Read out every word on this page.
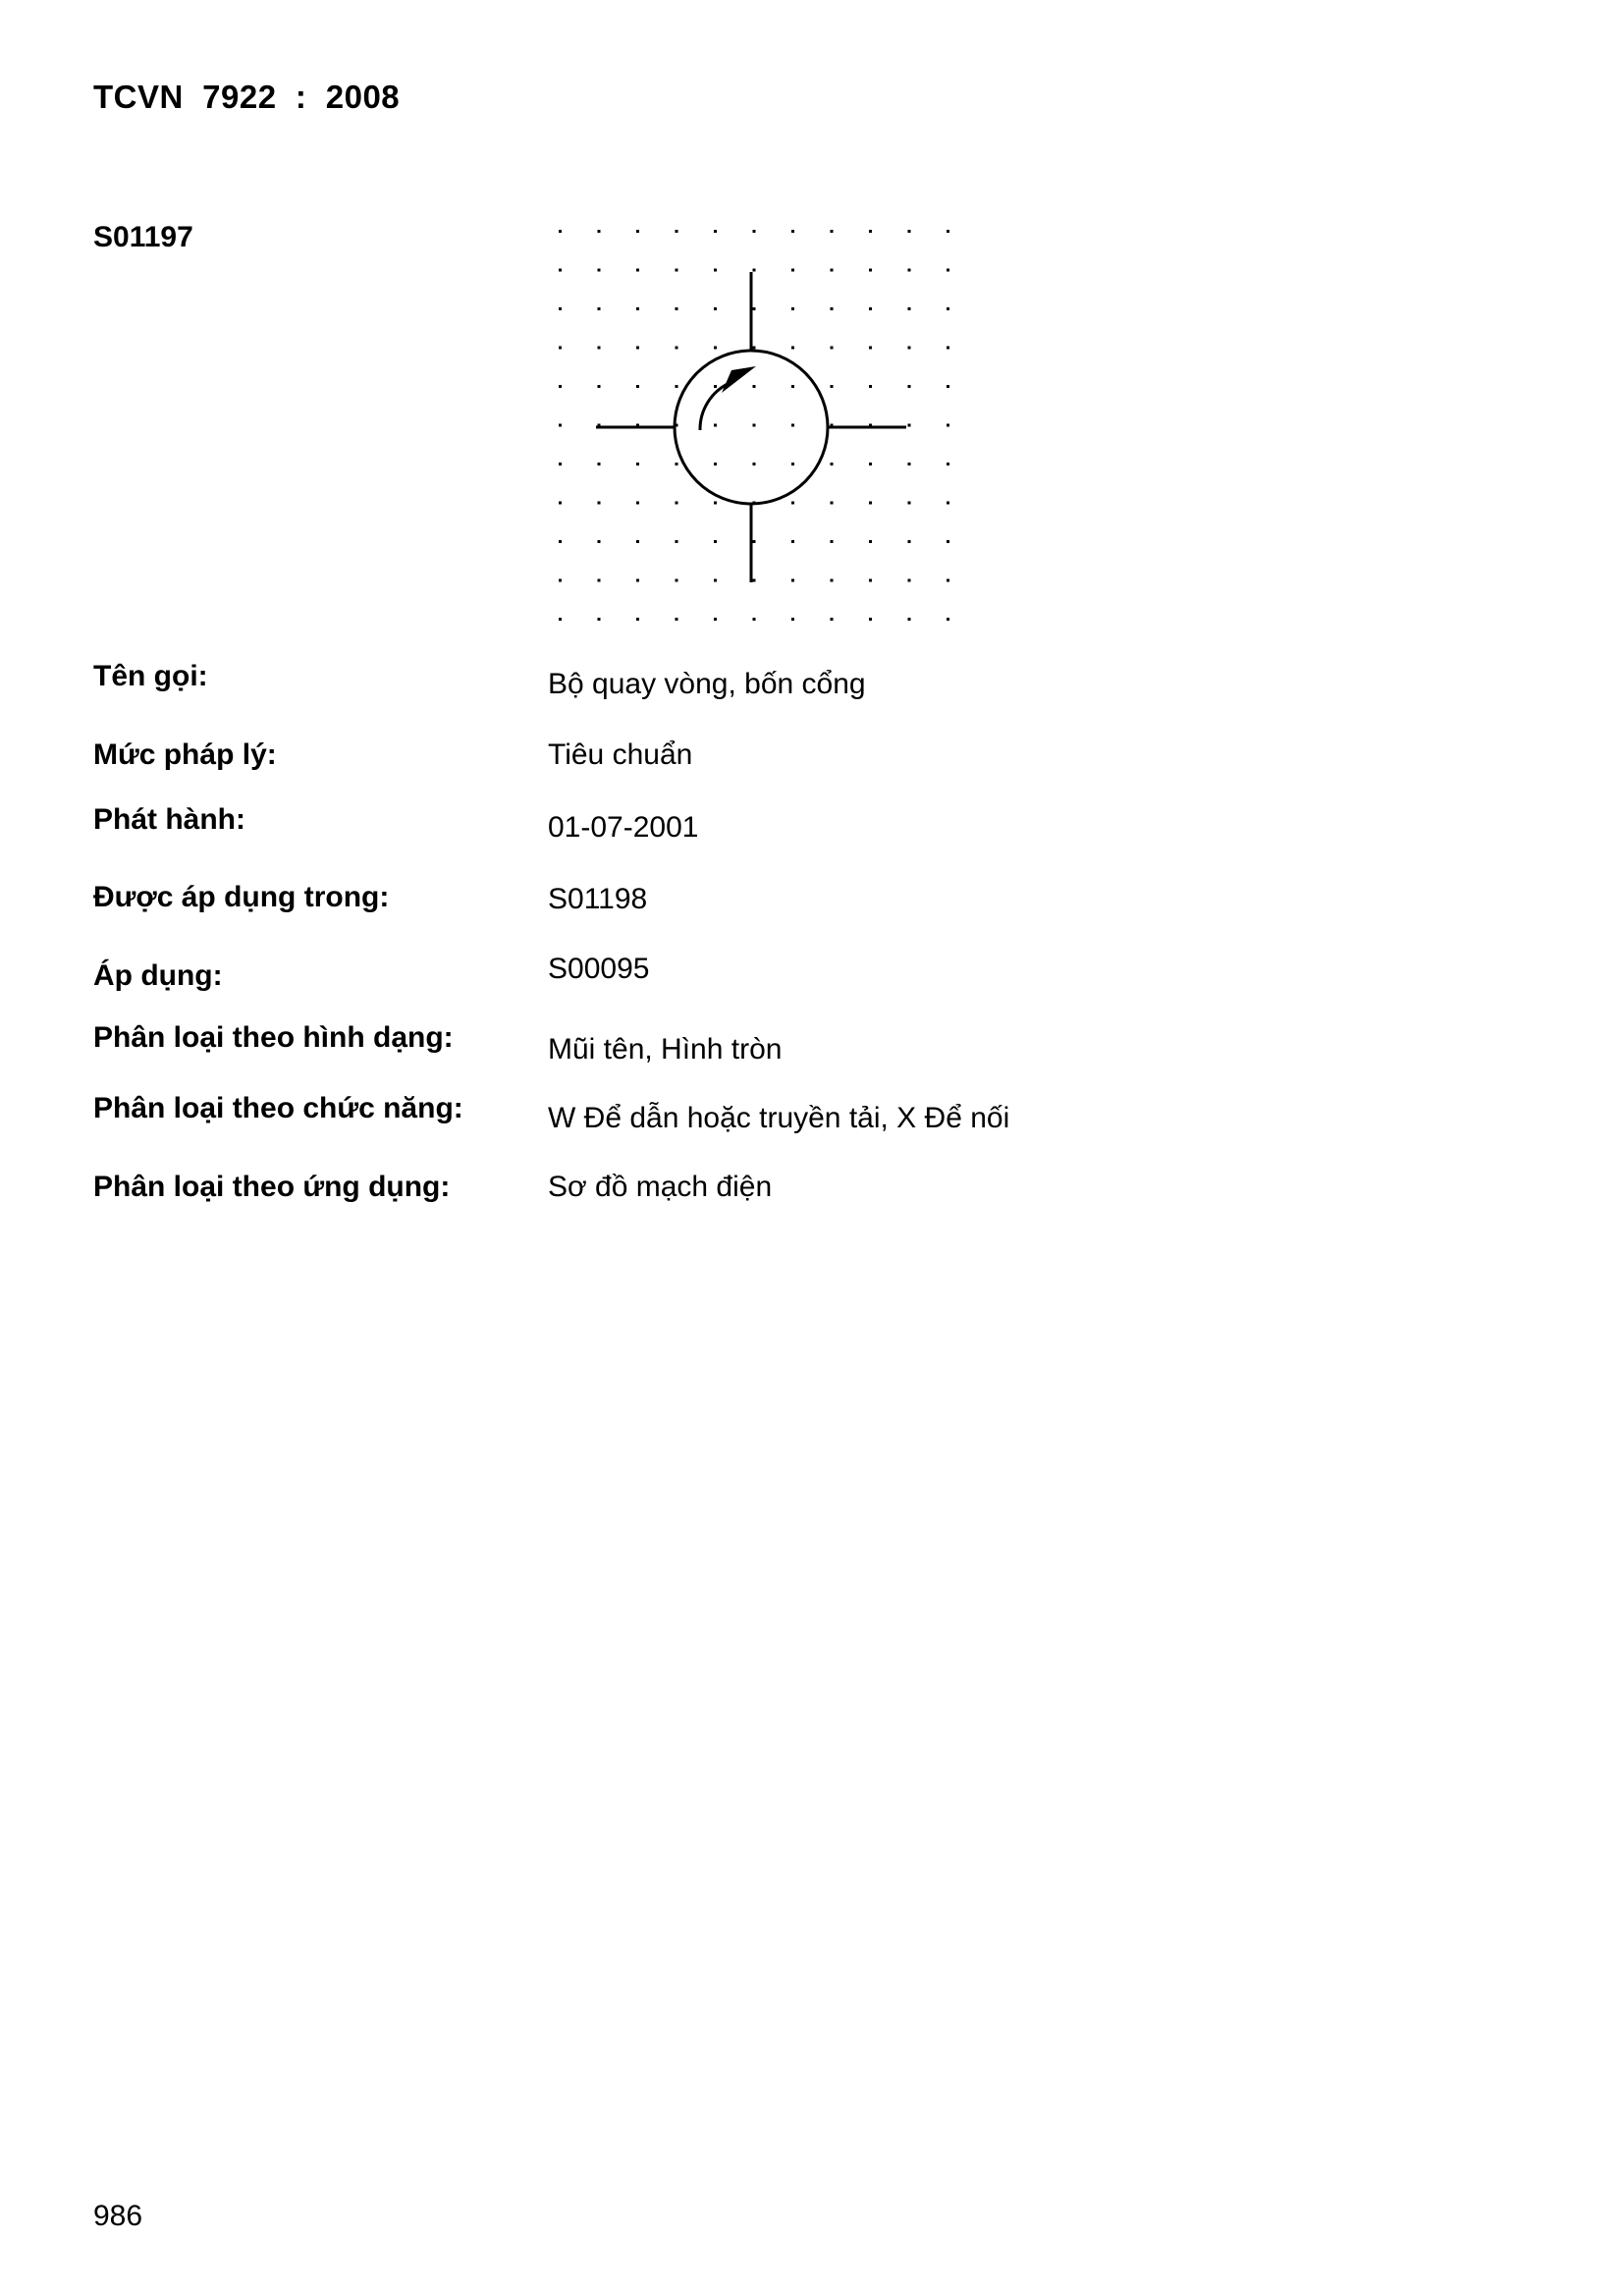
TCVN  7922  :  2008
S01197
Tên gọi:	Bộ quay vòng, bốn cổng
Mức pháp lý:	Tiêu chuẩn
Phát hành:	01-07-2001
Được áp dụng trong:	S01198
Áp dụng:	S00095
Phân loại theo hình dạng:	Mũi tên, Hình tròn
Phân loại theo chức năng:	W Để dẫn hoặc truyền tải, X Để nối
Phân loại theo ứng dụng:	Sơ đồ mạch điện
986
